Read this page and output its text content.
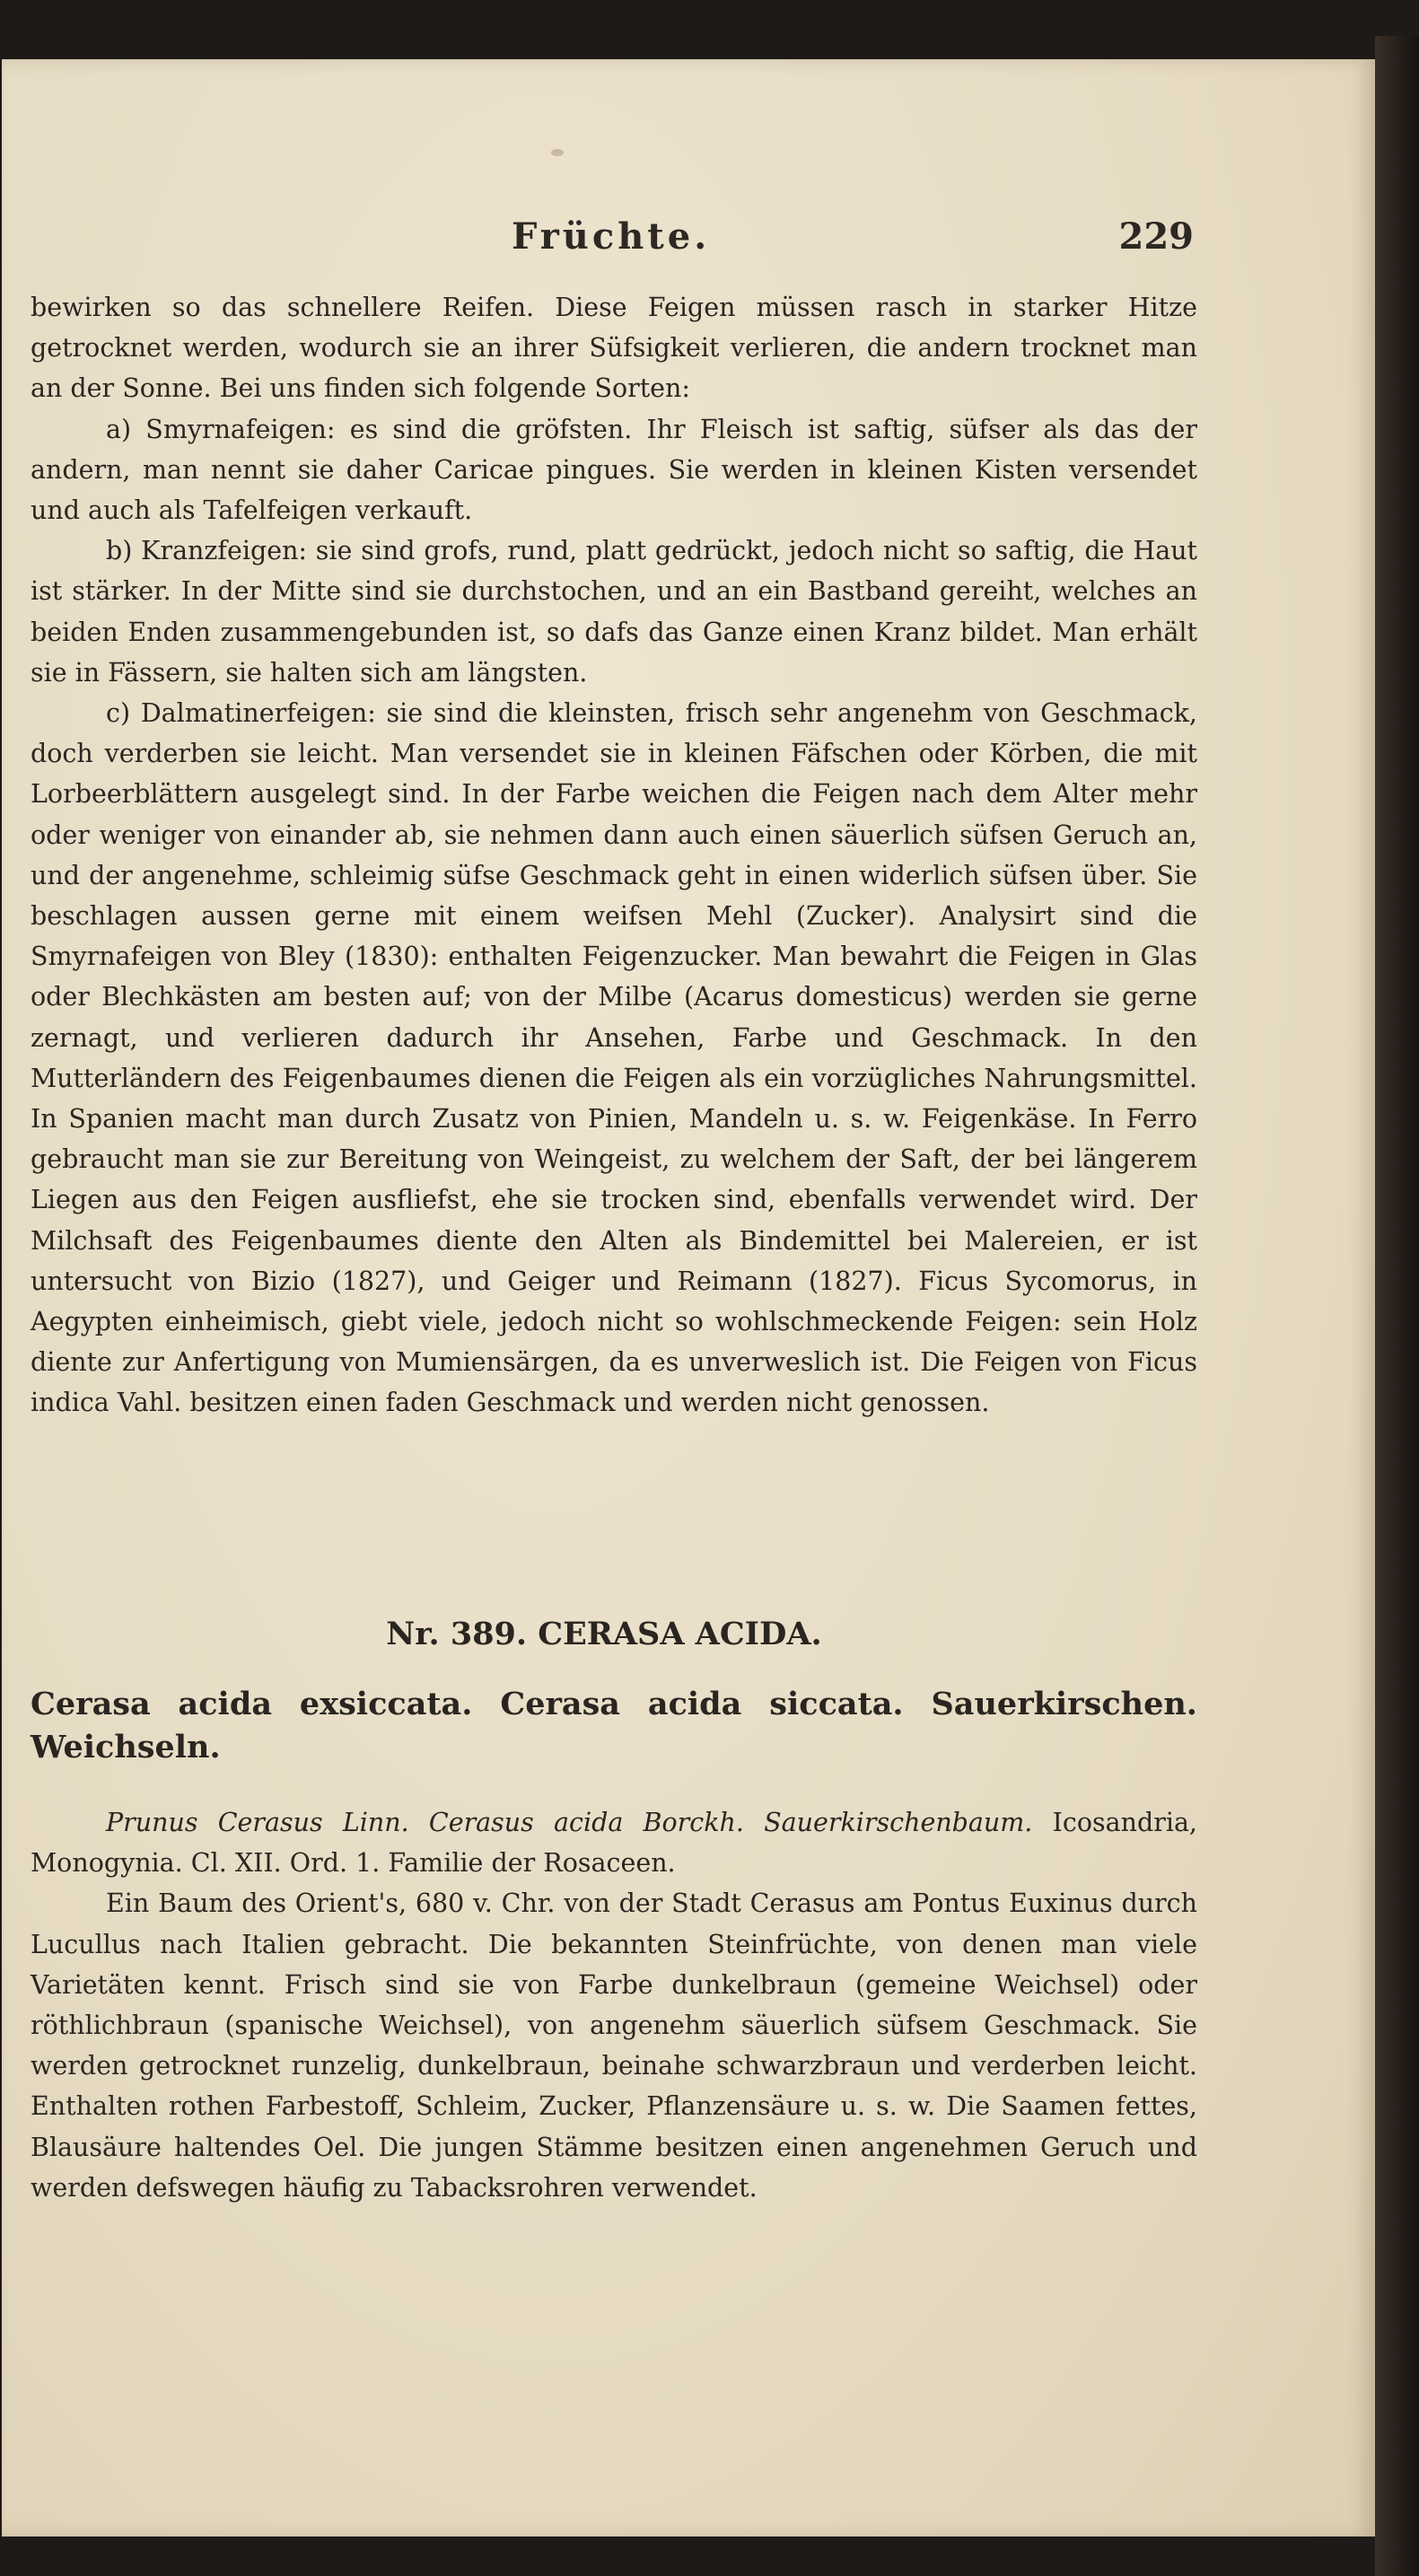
Früchte.	229

bewirken so das schnellere Reifen. Diese Feigen müssen rasch in starker Hitze getrocknet werden, wodurch sie an ihrer Süfsigkeit verlieren, die andern trocknet man an der Sonne. Bei uns finden sich folgende Sorten:

a) Smyrnafeigen: es sind die gröfsten. Ihr Fleisch ist saftig, süfser als das der andern, man nennt sie daher Caricae pingues. Sie werden in kleinen Kisten versendet und auch als Tafelfeigen verkauft.

b) Kranzfeigen: sie sind grofs, rund, platt gedrückt, jedoch nicht so saftig, die Haut ist stärker. In der Mitte sind sie durchstochen, und an ein Bastband gereiht, welches an beiden Enden zusammengebunden ist, so dafs das Ganze einen Kranz bildet. Man erhält sie in Fässern, sie halten sich am längsten.

c) Dalmatinerfeigen: sie sind die kleinsten, frisch sehr angenehm von Geschmack, doch verderben sie leicht. Man versendet sie in kleinen Fäfschen oder Körben, die mit Lorbeerblättern ausgelegt sind. In der Farbe weichen die Feigen nach dem Alter mehr oder weniger von einander ab, sie nehmen dann auch einen säuerlich süfsen Geruch an, und der angenehme, schleimig süfse Geschmack geht in einen widerlich süfsen über. Sie beschlagen aussen gerne mit einem weifsen Mehl (Zucker). Analysirt sind die Smyrnafeigen von Bley (1830): enthalten Feigenzucker. Man bewahrt die Feigen in Glas oder Blechkästen am besten auf; von der Milbe (Acarus domesticus) werden sie gerne zernagt, und verlieren dadurch ihr Ansehen, Farbe und Geschmack. In den Mutterländern des Feigenbaumes dienen die Feigen als ein vorzügliches Nahrungsmittel. In Spanien macht man durch Zusatz von Pinien, Mandeln u. s. w. Feigenkäse. In Ferro gebraucht man sie zur Bereitung von Weingeist, zu welchem der Saft, der bei längerem Liegen aus den Feigen ausfliefst, ehe sie trocken sind, ebenfalls verwendet wird. Der Milchsaft des Feigenbaumes diente den Alten als Bindemittel bei Malereien, er ist untersucht von Bizio (1827), und Geiger und Reimann (1827). Ficus Sycomorus, in Aegypten einheimisch, giebt viele, jedoch nicht so wohlschmeckende Feigen: sein Holz diente zur Anfertigung von Mumiensärgen, da es unverweslich ist. Die Feigen von Ficus indica Vahl. besitzen einen faden Geschmack und werden nicht genossen.

Nr. 389. CERASA ACIDA.

Cerasa acida exsiccata. Cerasa acida siccata. Sauerkirschen. Weichseln.

Prunus Cerasus Linn. Cerasus acida Borckh. Sauerkirschenbaum. Icosandria, Monogynia. Cl. XII. Ord. 1. Familie der Rosaceen.

Ein Baum des Orient's, 680 v. Chr. von der Stadt Cerasus am Pontus Euxinus durch Lucullus nach Italien gebracht. Die bekannten Steinfrüchte, von denen man viele Varietäten kennt. Frisch sind sie von Farbe dunkelbraun (gemeine Weichsel) oder röthlichbraun (spanische Weichsel), von angenehm säuerlich süfsem Geschmack. Sie werden getrocknet runzelig, dunkelbraun, beinahe schwarzbraun und verderben leicht. Enthalten rothen Farbestoff, Schleim, Zucker, Pflanzensäure u. s. w. Die Saamen fettes, Blausäure haltendes Oel. Die jungen Stämme besitzen einen angenehmen Geruch und werden defswegen häufig zu Tabacksrohren verwendet.
